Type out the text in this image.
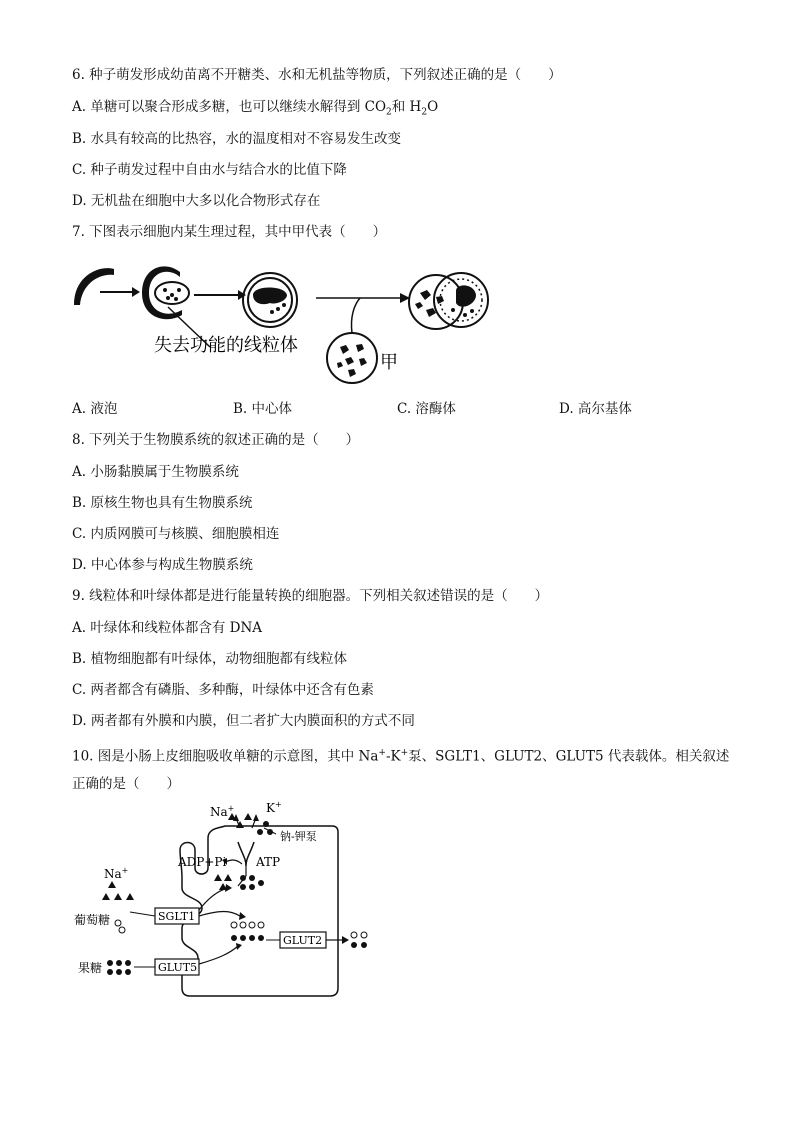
6. 种子萌发形成幼苗离不开糖类、水和无机盐等物质，下列叙述正确的是（　　）
A. 单糖可以聚合形成多糖，也可以继续水解得到 $CO_2$和 $H_2O$
B. 水具有较高的比热容，水的温度相对不容易发生改变
C. 种子萌发过程中自由水与结合水的比值下降
D. 无机盐在细胞中大多以化合物形式存在
7. 下图表示细胞内某生理过程，其中甲代表（　　）
失去功能的线粒体
甲
A. 液泡	B. 中心体	C. 溶酶体	D. 高尔基体
8. 下列关于生物膜系统的叙述正确的是（　　）
A. 小肠黏膜属于生物膜系统
B. 原核生物也具有生物膜系统
C. 内质网膜可与核膜、细胞膜相连
D. 中心体参与构成生物膜系统
9. 线粒体和叶绿体都是进行能量转换的细胞器。下列相关叙述错误的是（　　）
A. 叶绿体和线粒体都含有 DNA
B. 植物细胞都有叶绿体，动物细胞都有线粒体
C. 两者都含有磷脂、多种酶，叶绿体中还含有色素
D. 两者都有外膜和内膜，但二者扩大内膜面积的方式不同
10. 图是小肠上皮细胞吸收单糖的示意图，其中 Na+-K+泵、SGLT1、GLUT2、GLUT5 代表载体。相关叙述
正确的是（　　）
Na+	K+
钠-钾泵
ADP+Pi ATP
Na+
葡萄糖
果糖
SGLT1
GLUT2
GLUT5
